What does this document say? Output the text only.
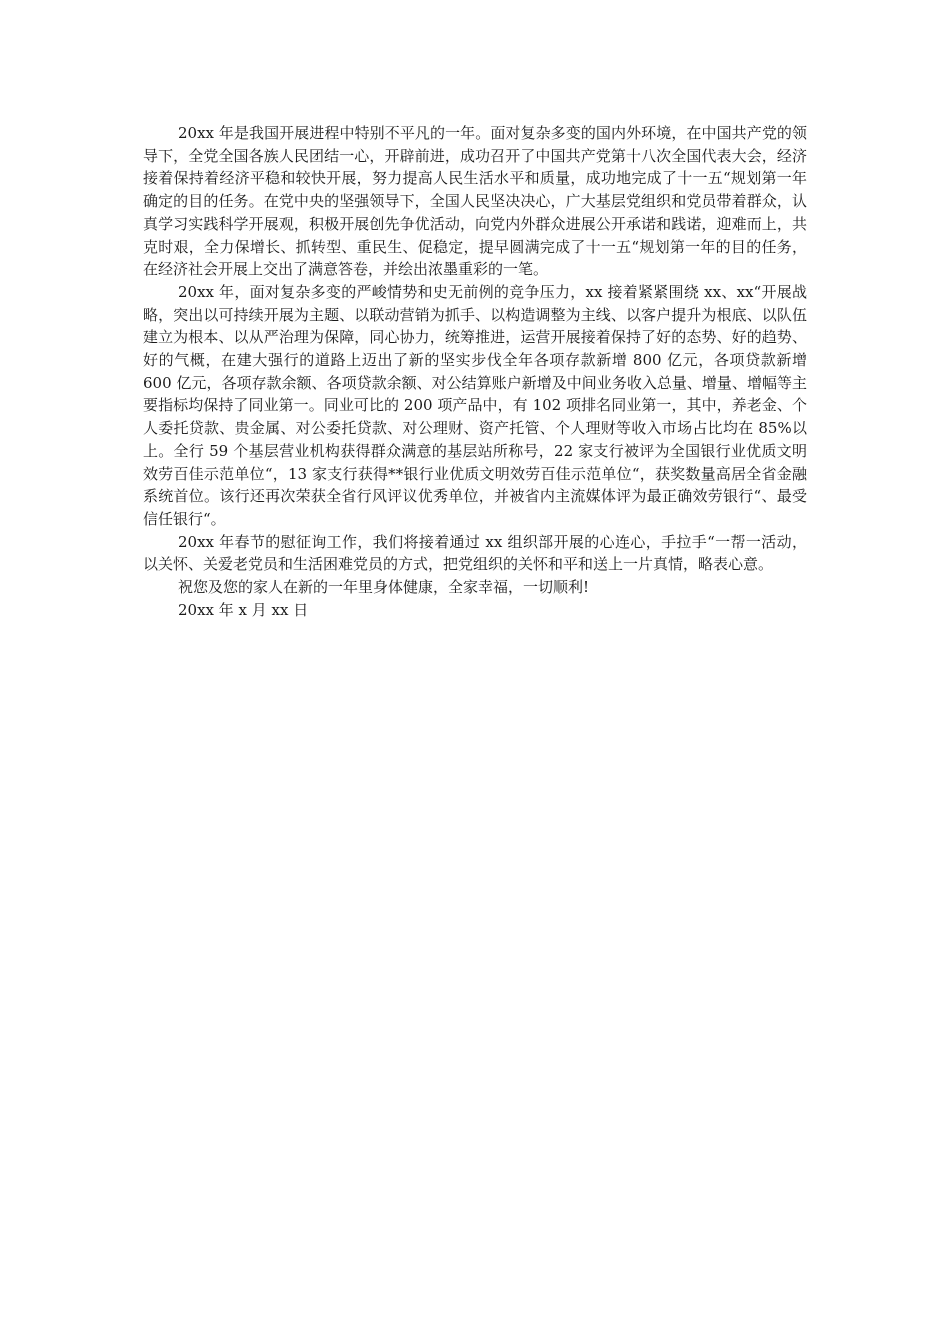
20xx 年是我国开展进程中特别不平凡的一年。面对复杂多变的国内外环境，在中国共产党的领导下，全党全国各族人民团结一心，开辟前进，成功召开了中国共产党第十八次全国代表大会，经济接着保持着经济平稳和较快开展，努力提高人民生活水平和质量，成功地完成了十一五“规划第一年确定的目的任务。在党中央的坚强领导下，全国人民坚决决心，广大基层党组织和党员带着群众，认真学习实践科学开展观，积极开展创先争优活动，向党内外群众进展公开承诺和践诺，迎难而上，共克时艰，全力保增长、抓转型、重民生、促稳定，提早圆满完成了十一五“规划第一年的目的任务，在经济社会开展上交出了满意答卷，并绘出浓墨重彩的一笔。

20xx 年，面对复杂多变的严峻情势和史无前例的竞争压力，xx 接着紧紧围绕 xx、xx“开展战略，突出以可持续开展为主题、以联动营销为抓手、以构造调整为主线、以客户提升为根底、以队伍建立为根本、以从严治理为保障，同心协力，统筹推进，运营开展接着保持了好的态势、好的趋势、好的气概，在建大强行的道路上迈出了新的坚实步伐全年各项存款新增 800 亿元，各项贷款新增 600 亿元，各项存款余额、各项贷款余额、对公结算账户新增及中间业务收入总量、增量、增幅等主要指标均保持了同业第一。同业可比的 200 项产品中，有 102 项排名同业第一，其中，养老金、个人委托贷款、贵金属、对公委托贷款、对公理财、资产托管、个人理财等收入市场占比均在 85%以上。全行 59 个基层营业机构获得群众满意的基层站所称号，22 家支行被评为全国银行业优质文明效劳百佳示范单位“，13 家支行获得**银行业优质文明效劳百佳示范单位“，获奖数量高居全省金融系统首位。该行还再次荣获全省行风评议优秀单位，并被省内主流媒体评为最正确效劳银行“、最受信任银行“。

20xx 年春节的慰征询工作，我们将接着通过 xx 组织部开展的心连心，手拉手“一帮一活动，以关怀、关爱老党员和生活困难党员的方式，把党组织的关怀和平和送上一片真情，略表心意。

祝您及您的家人在新的一年里身体健康，全家幸福，一切顺利!

20xx 年 x 月 xx 日
